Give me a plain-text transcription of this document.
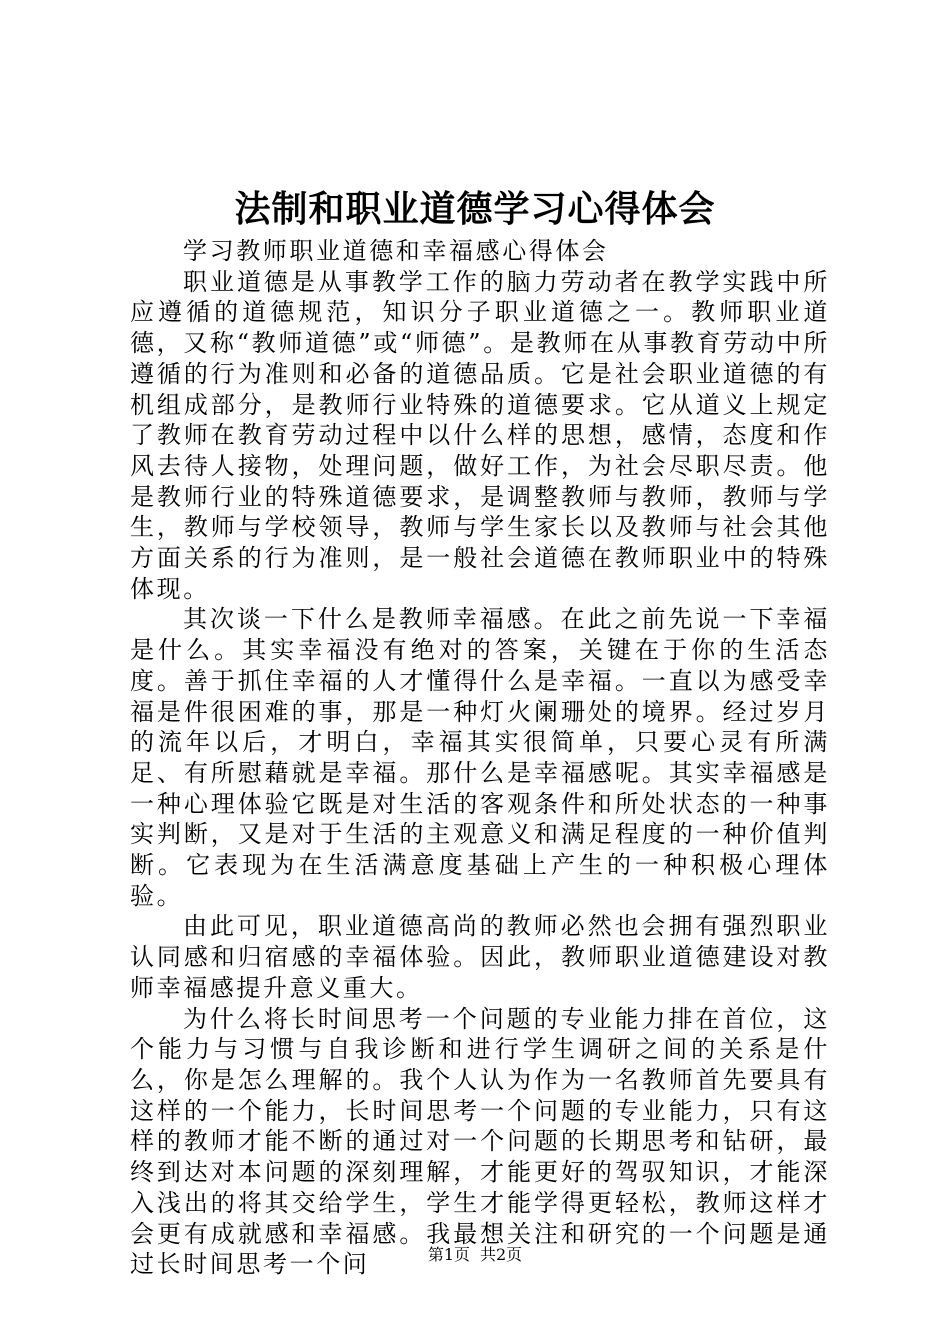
法制和职业道德学习心得体会

学习教师职业道德和幸福感心得体会

职业道德是从事教学工作的脑力劳动者在教学实践中所应遵循的道德规范，知识分子职业道德之一。教师职业道德，又称“教师道德”或“师德”。是教师在从事教育劳动中所遵循的行为准则和必备的道德品质。它是社会职业道德的有机组成部分，是教师行业特殊的道德要求。它从道义上规定了教师在教育劳动过程中以什么样的思想，感情，态度和作风去待人接物，处理问题，做好工作，为社会尽职尽责。他是教师行业的特殊道德要求，是调整教师与教师，教师与学生，教师与学校领导，教师与学生家长以及教师与社会其他方面关系的行为准则，是一般社会道德在教师职业中的特殊体现。

其次谈一下什么是教师幸福感。在此之前先说一下幸福是什么。其实幸福没有绝对的答案，关键在于你的生活态度。善于抓住幸福的人才懂得什么是幸福。一直以为感受幸福是件很困难的事，那是一种灯火阑珊处的境界。经过岁月的流年以后，才明白，幸福其实很简单，只要心灵有所满足、有所慰藉就是幸福。那什么是幸福感呢。其实幸福感是一种心理体验它既是对生活的客观条件和所处状态的一种事实判断，又是对于生活的主观意义和满足程度的一种价值判断。它表现为在生活满意度基础上产生的一种积极心理体验。

由此可见，职业道德高尚的教师必然也会拥有强烈职业认同感和归宿感的幸福体验。因此，教师职业道德建设对教师幸福感提升意义重大。

为什么将长时间思考一个问题的专业能力排在首位，这个能力与习惯与自我诊断和进行学生调研之间的关系是什么，你是怎么理解的。我个人认为作为一名教师首先要具有这样的一个能力，长时间思考一个问题的专业能力，只有这样的教师才能不断的通过对一个问题的长期思考和钻研，最终到达对本问题的深刻理解，才能更好的驾驭知识，才能深入浅出的将其交给学生，学生才能学得更轻松，教师这样才会更有成就感和幸福感。我最想关注和研究的一个问题是通过长时间思考一个问	第1页 共2页
